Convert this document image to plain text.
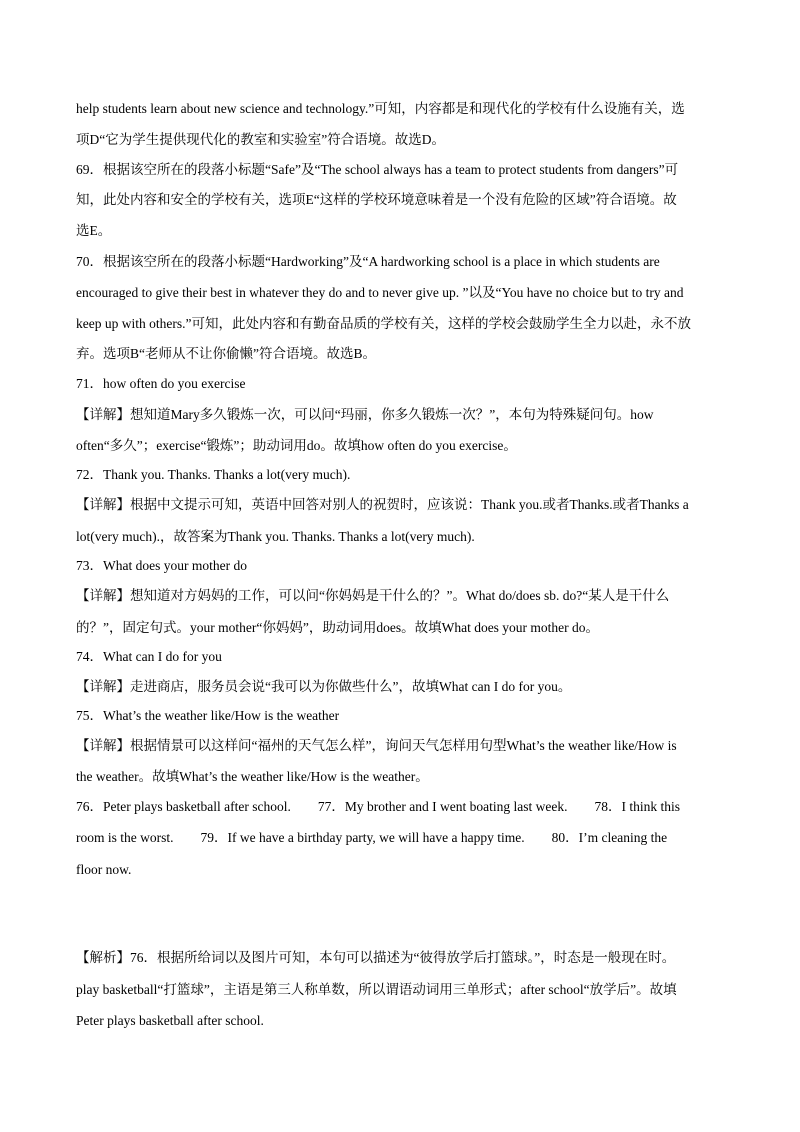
help students learn about new science and technology.”可知，内容都是和现代化的学校有什么设施有关，选
项D“它为学生提供现代化的教室和实验室”符合语境。故选D。
69．根据该空所在的段落小标题“Safe”及“The school always has a team to protect students from dangers”可
知，此处内容和安全的学校有关，选项E“这样的学校环境意味着是一个没有危险的区域”符合语境。故
选E。
70．根据该空所在的段落小标题“Hardworking”及“A hardworking school is a place in which students are
encouraged to give their best in whatever they do and to never give up. ”以及“You have no choice but to try and
keep up with others.”可知，此处内容和有勤奋品质的学校有关，这样的学校会鼓励学生全力以赴，永不放
弃。选项B“老师从不让你偷懒”符合语境。故选B。
71．how often do you exercise
【详解】想知道Mary多久锻炼一次，可以问“玛丽，你多久锻炼一次？”，本句为特殊疑问句。how
often“多久”；exercise“锻炼”；助动词用do。故填how often do you exercise。
72．Thank you. Thanks. Thanks a lot(very much).
【详解】根据中文提示可知，英语中回答对别人的祝贺时，应该说：Thank you.或者Thanks.或者Thanks a
lot(very much).，故答案为Thank you. Thanks. Thanks a lot(very much).
73．What does your mother do
【详解】想知道对方妈妈的工作，可以问“你妈妈是干什么的？”。What do/does sb. do?“某人是干什么
的？”，固定句式。your mother“你妈妈”，助动词用does。故填What does your mother do。
74．What can I do for you
【详解】走进商店，服务员会说“我可以为你做些什么”，故填What can I do for you。
75．What’s the weather like/How is the weather
【详解】根据情景可以这样问“福州的天气怎么样”，询问天气怎样用句型What’s the weather like/How is
the weather。故填What’s the weather like/How is the weather。
76．Peter plays basketball after school.　　77．My brother and I went boating last week.　　78．I think this
room is the worst.　　79．If we have a birthday party, we will have a happy time.　　80．I’m cleaning the
floor now.
【解析】76．根据所给词以及图片可知，本句可以描述为“彼得放学后打篮球。”，时态是一般现在时。
play basketball“打篮球”，主语是第三人称单数，所以谓语动词用三单形式；after school“放学后”。故填
Peter plays basketball after school.
